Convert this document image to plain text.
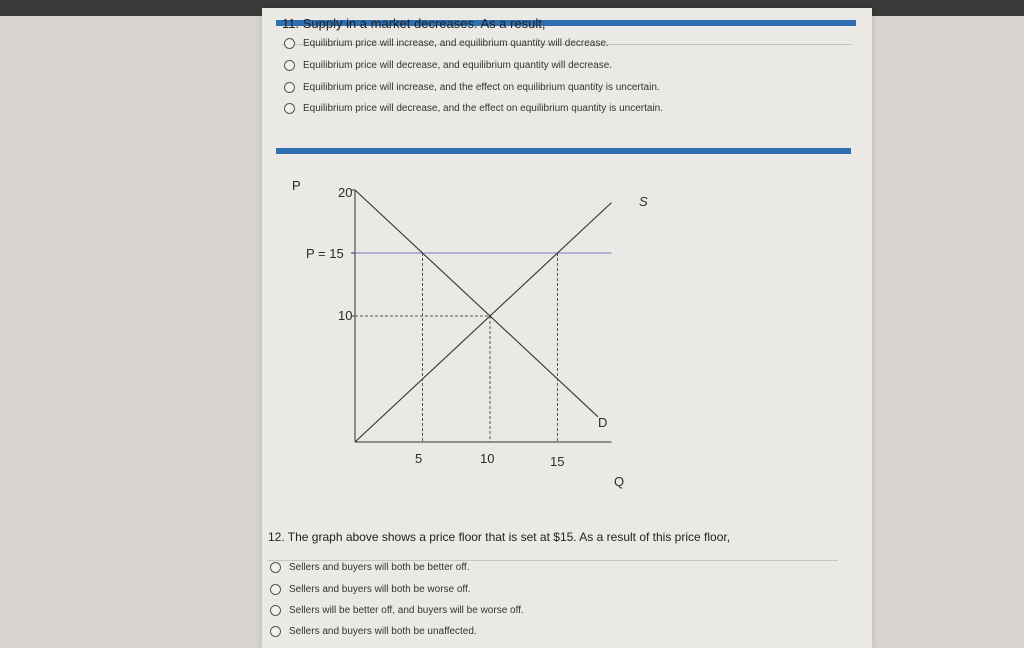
11. Supply in a market decreases. As a result,
Equilibrium price will increase, and equilibrium quantity will decrease.
Equilibrium price will decrease, and equilibrium quantity will decrease.
Equilibrium price will increase, and the effect on equilibrium quantity is uncertain.
Equilibrium price will decrease, and the effect on equilibrium quantity is uncertain.
P	20
P = 15
10
5	10	15
Q
S
D
12. The graph above shows a price floor that is set at $15. As a result of this price floor,
Sellers and buyers will both be better off.
Sellers and buyers will both be worse off.
Sellers will be better off, and buyers will be worse off.
Sellers and buyers will both be unaffected.
